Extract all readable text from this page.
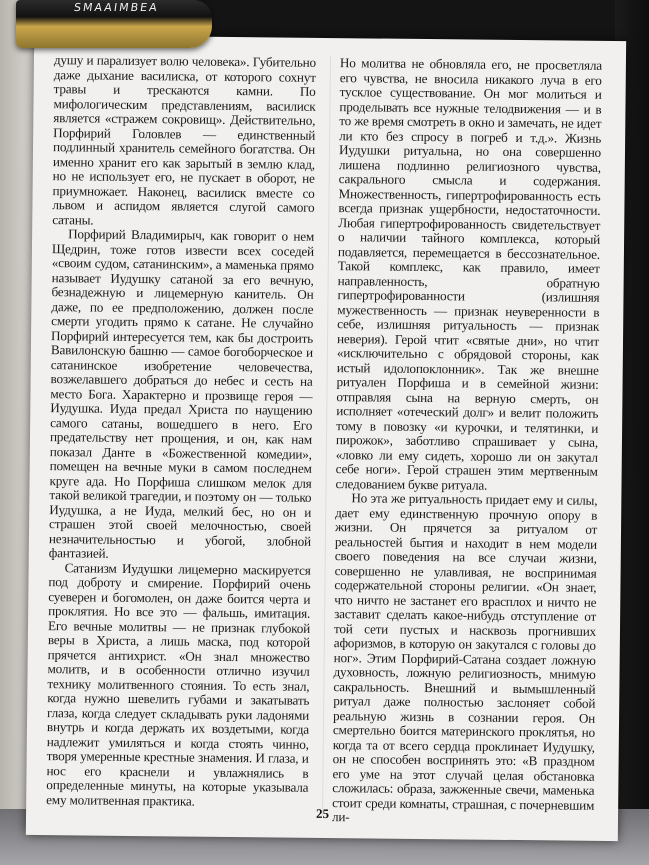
SMAAIMBEA

душу и парализует волю человека». Губительно даже дыхание василиска, от которого сохнут травы и трескаются камни. По мифологическим представлениям, василиск является «стражем сокровищ». Действительно, Порфирий Головлев — единственный подлинный хранитель семейного богатства. Он именно хранит его как зарытый в землю клад, но не использует его, не пускает в оборот, не приумножает. Наконец, василиск вместе со львом и аспидом является слугой самого сатаны.

Порфирий Владимирыч, как говорит о нем Щедрин, тоже готов извести всех соседей «своим судом, сатанинским», а маменька прямо называет Иудушку сатаной за его вечную, безнадежную и лицемерную канитель. Он даже, по ее предположению, должен после смерти угодить прямо к сатане. Не случайно Порфирий интересуется тем, как бы достроить Вавилонскую башню — самое богоборческое и сатанинское изобретение человечества, возжелавшего добраться до небес и сесть на место Бога. Характерно и прозвище героя — Иудушка. Иуда предал Христа по наущению самого сатаны, вошедшего в него. Его предательству нет прощения, и он, как нам показал Данте в «Божественной комедии», помещен на вечные муки в самом последнем круге ада. Но Порфиша слишком мелок для такой великой трагедии, и поэтому он — только Иудушка, а не Иуда, мелкий бес, но он и страшен этой своей мелочностью, своей незначительностью и убогой, злобной фантазией.

Сатанизм Иудушки лицемерно маскируется под доброту и смирение. Порфирий очень суеверен и богомолен, он даже боится черта и проклятия. Но все это — фальшь, имитация. Его вечные молитвы — не признак глубокой веры в Христа, а лишь маска, под которой прячется антихрист. «Он знал множество молитв, и в особенности отлично изучил технику молитвенного стояния. То есть знал, когда нужно шевелить губами и закатывать глаза, когда следует складывать руки ладонями внутрь и когда держать их воздетыми, когда надлежит умиляться и когда стоять чинно, творя умеренные крестные знамения. И глаза, и нос его краснели и увлажнялись в определенные минуты, на которые указывала ему молитвенная практика.

Но молитва не обновляла его, не просветляла его чувства, не вносила никакого луча в его тусклое существование. Он мог молиться и проделывать все нужные телодвижения — и в то же время смотреть в окно и замечать, не идет ли кто без спросу в погреб и т.д.». Жизнь Иудушки ритуальна, но она совершенно лишена подлинно религиозного чувства, сакрального смысла и содержания. Множественность, гипертрофированность есть всегда признак ущербности, недостаточности. Любая гипертрофированность свидетельствует о наличии тайного комплекса, который подавляется, перемещается в бессознательное. Такой комплекс, как правило, имеет направленность, обратную гипертрофированности (излишняя мужественность — признак неуверенности в себе, излишняя ритуальность — признак неверия). Герой чтит «святые дни», но чтит «исключительно с обрядовой стороны, как истый идолопоклонник». Так же внешне ритуален Порфиша и в семейной жизни: отправляя сына на верную смерть, он исполняет «отеческий долг» и велит положить тому в повозку «и курочки, и телятинки, и пирожок», заботливо спрашивает у сына, «ловко ли ему сидеть, хорошо ли он закутал себе ноги». Герой страшен этим мертвенным следованием букве ритуала.

Но эта же ритуальность придает ему и силы, дает ему единственную прочную опору в жизни. Он прячется за ритуалом от реальностей бытия и находит в нем модели своего поведения на все случаи жизни, совершенно не улавливая, не воспринимая содержательной стороны религии. «Он знает, что ничто не застанет его врасплох и ничто не заставит сделать какое-нибудь отступление от той сети пустых и насквозь прогнивших афоризмов, в которую он закутался с головы до ног». Этим Порфирий-Сатана создает ложную духовность, ложную религиозность, мнимую сакральность. Внешний и вымышленный ритуал даже полностью заслоняет собой реальную жизнь в сознании героя. Он смертельно боится материнского проклятья, но когда та от всего сердца проклинает Иудушку, он не способен воспринять это: «В праздном его уме на этот случай целая обстановка сложилась: образа, зажженные свечи, маменька стоит среди комнаты, страшная, с почерневшим ли-

25
